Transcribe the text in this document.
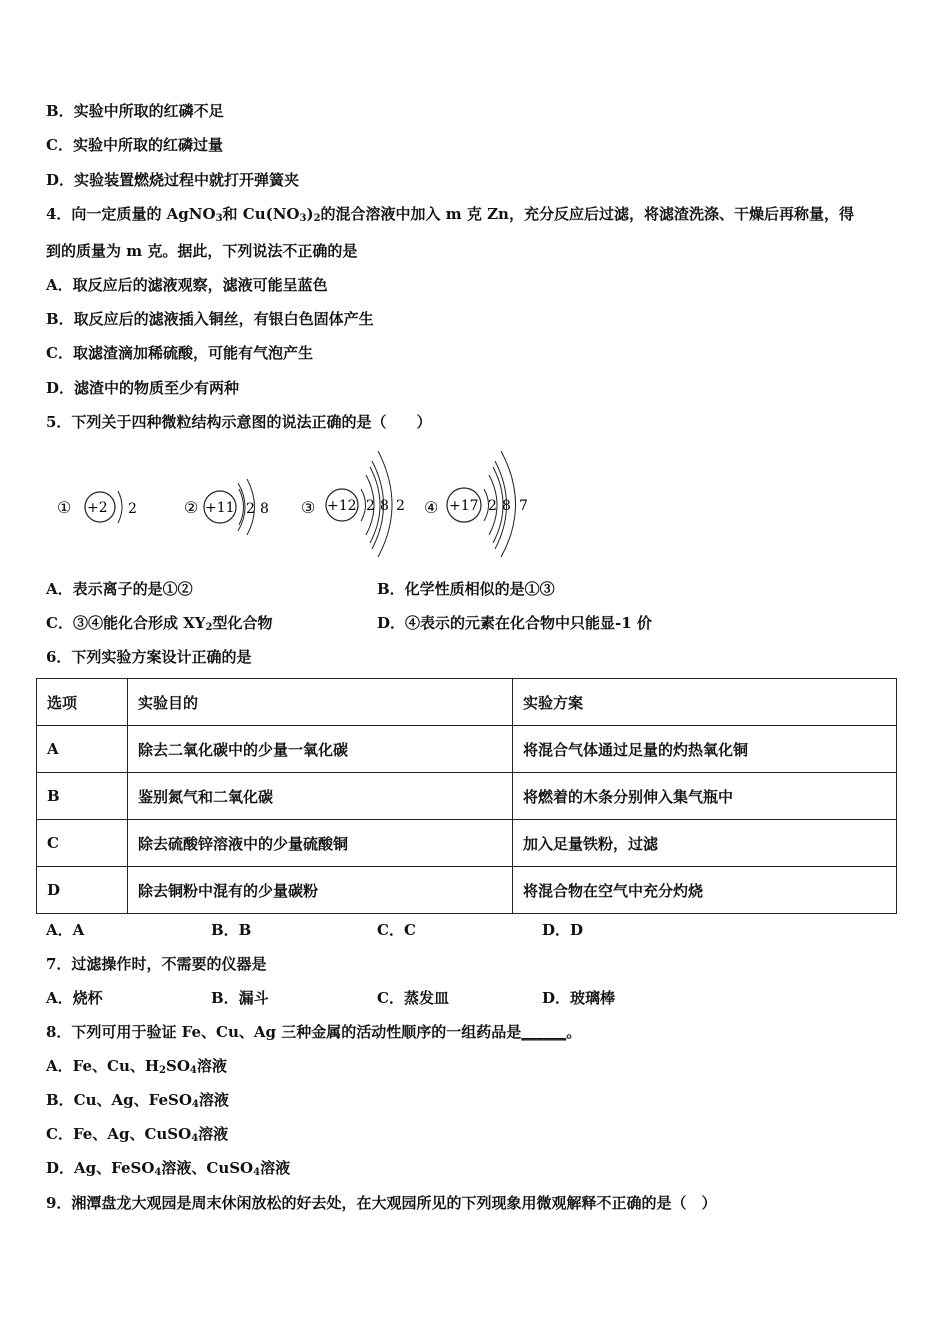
B．实验中所取的红磷不足
C．实验中所取的红磷过量
D．实验装置燃烧过程中就打开弹簧夹
4．向一定质量的 AgNO$_3$和 $Cu(NO_3)_2$的混合溶液中加入 m 克 Zn，充分反应后过滤，将滤渣洗涤、干燥后再称量，得
到的质量为 m 克。据此，下列说法不正确的是
A．取反应后的滤液观察，滤液可能呈蓝色
B．取反应后的滤液插入铜丝，有银白色固体产生
C．取滤渣滴加稀硫酸，可能有气泡产生
D．滤渣中的物质至少有两种
5．下列关于四种微粒结构示意图的说法正确的是（　　）
① +2 2	② +11 2 8 ③ +12 2 8 2 ④ +17 2 8 7
A．表示离子的是①②	B．化学性质相似的是①③
C．③④能化合形成 $XY_2$型化合物	D．④表示的元素在化合物中只能显-1 价
6．下列实验方案设计正确的是
选项	实验目的	实验方案
A	除去二氧化碳中的少量一氧化碳	将混合气体通过足量的灼热氧化铜
B	鉴别氮气和二氧化碳	将燃着的木条分别伸入集气瓶中
C	除去硫酸锌溶液中的少量硫酸铜	加入足量铁粉，过滤
D	除去铜粉中混有的少量碳粉	将混合物在空气中充分灼烧
A．A	B．B	C．C	D．D
7．过滤操作时，不需要的仪器是
A．烧杯	B．漏斗	C．蒸发皿	D．玻璃棒
8．下列可用于验证 Fe、Cu、Ag 三种金属的活动性顺序的一组药品是______。
A．Fe、Cu、$H_2SO_4$溶液
B．Cu、Ag、FeSO$_4$溶液
C．Fe、Ag、CuSO$_4$溶液
D．Ag、FeSO$_4$溶液、CuSO$_4$溶液
9．湘潭盘龙大观园是周末休闲放松的好去处，在大观园所见的下列现象用微观解释不正确的是（　）
